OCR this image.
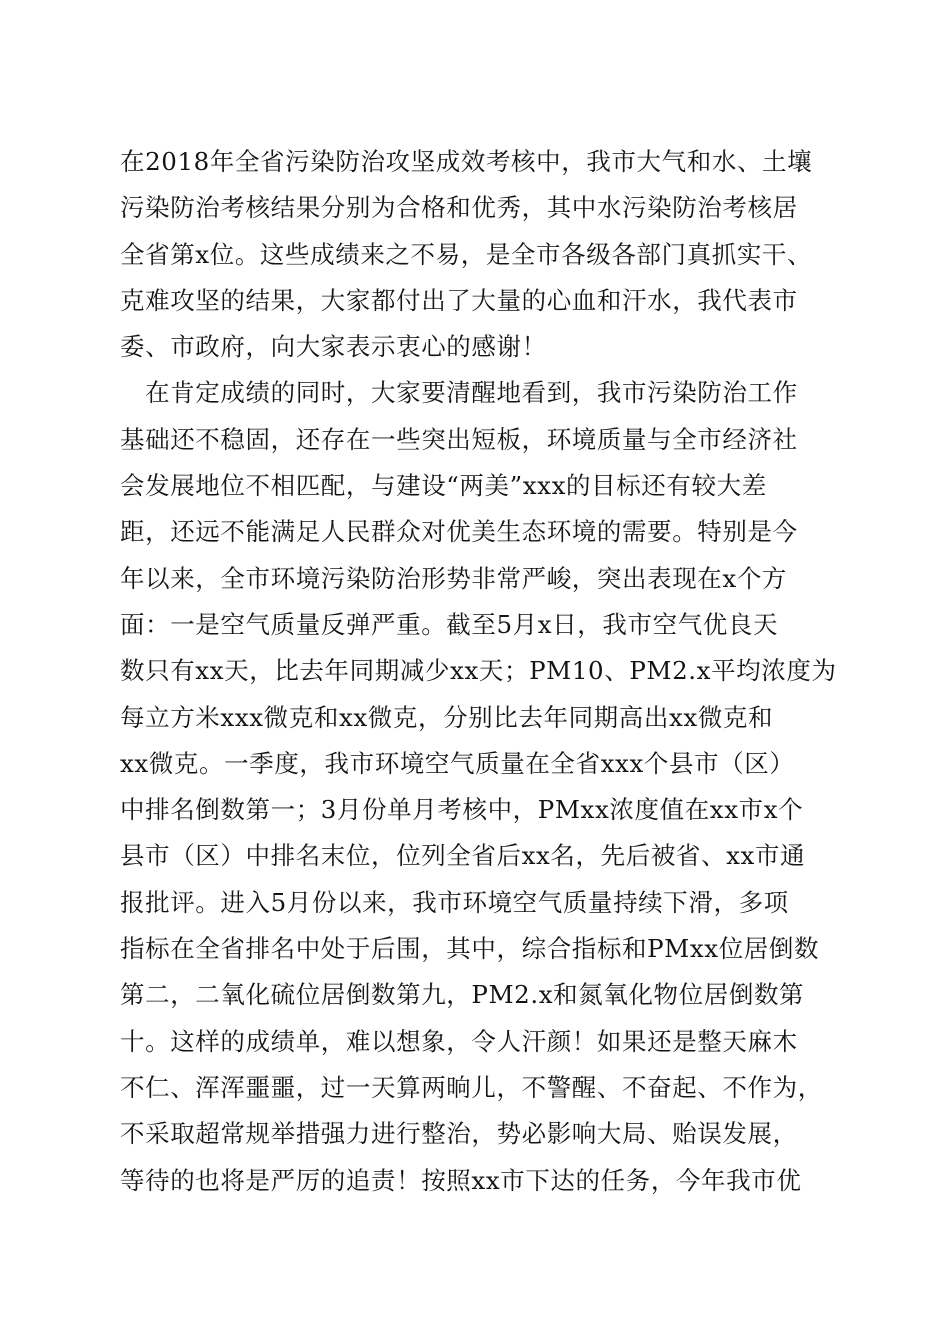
在2018年全省污染防治攻坚成效考核中，我市大气和水、土壤
污染防治考核结果分别为合格和优秀，其中水污染防治考核居
全省第x位。这些成绩来之不易，是全市各级各部门真抓实干、
克难攻坚的结果，大家都付出了大量的心血和汗水，我代表市
委、市政府，向大家表示衷心的感谢！
　在肯定成绩的同时，大家要清醒地看到，我市污染防治工作
基础还不稳固，还存在一些突出短板，环境质量与全市经济社
会发展地位不相匹配，与建设“两美”xxx的目标还有较大差
距，还远不能满足人民群众对优美生态环境的需要。特别是今
年以来，全市环境污染防治形势非常严峻，突出表现在x个方
面：一是空气质量反弹严重。截至5月x日，我市空气优良天
数只有xx天，比去年同期减少xx天；PM10、PM2.x平均浓度为
每立方米xxx微克和xx微克，分别比去年同期高出xx微克和
xx微克。一季度，我市环境空气质量在全省xxx个县市（区）
中排名倒数第一；3月份单月考核中，PMxx浓度值在xx市x个
县市（区）中排名末位，位列全省后xx名，先后被省、xx市通
报批评。进入5月份以来，我市环境空气质量持续下滑，多项
指标在全省排名中处于后围，其中，综合指标和PMxx位居倒数
第二，二氧化硫位居倒数第九，PM2.x和氮氧化物位居倒数第
十。这样的成绩单，难以想象，令人汗颜！如果还是整天麻木
不仁、浑浑噩噩，过一天算两晌儿，不警醒、不奋起、不作为，
不采取超常规举措强力进行整治，势必影响大局、贻误发展，
等待的也将是严厉的追责！按照xx市下达的任务，今年我市优
